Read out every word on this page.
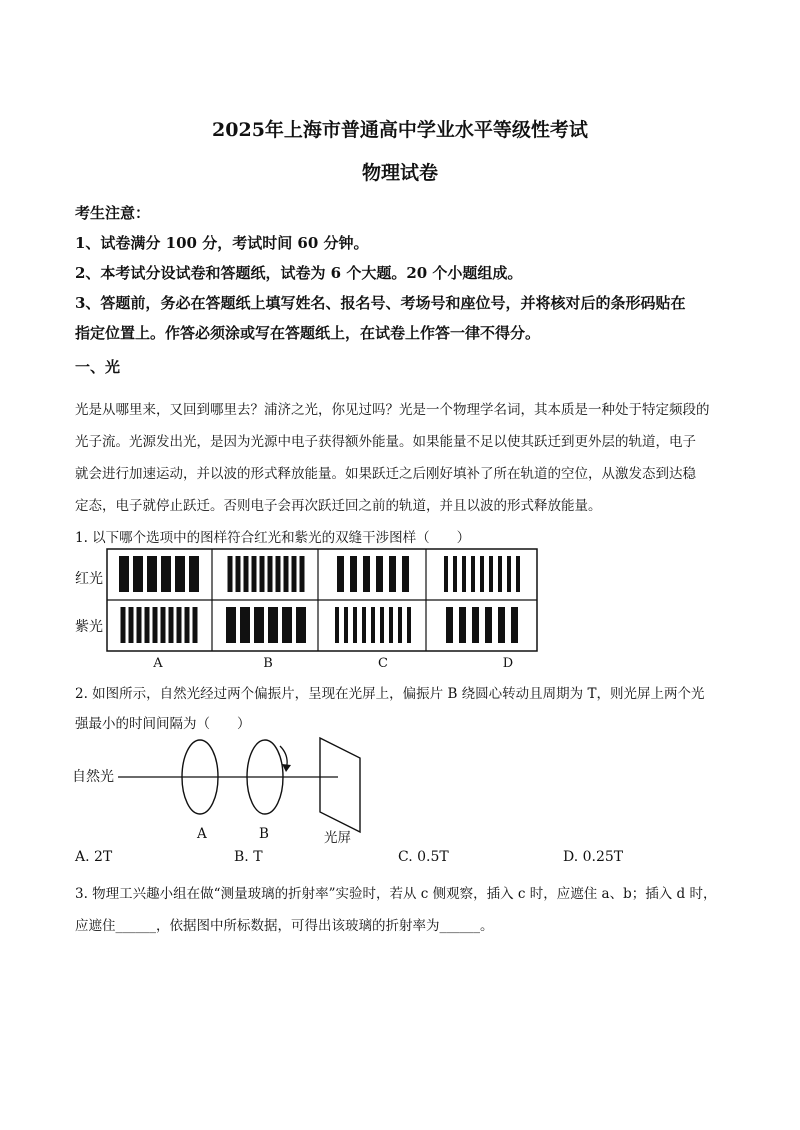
2025年上海市普通高中学业水平等级性考试
物理试卷
考生注意：
1、试卷满分 100 分，考试时间 60 分钟。
2、本考试分设试卷和答题纸，试卷为 6 个大题。20 个小题组成。
3、答题前，务必在答题纸上填写姓名、报名号、考场号和座位号，并将核对后的条形码贴在
指定位置上。作答必须涂或写在答题纸上，在试卷上作答一律不得分。
一、光
光是从哪里来，又回到哪里去？浦济之光，你见过吗？光是一个物理学名词，其本质是一种处于特定频段的
光子流。光源发出光，是因为光源中电子获得额外能量。如果能量不足以使其跃迁到更外层的轨道，电子
就会进行加速运动，并以波的形式释放能量。如果跃迁之后刚好填补了所在轨道的空位，从激发态到达稳
定态，电子就停止跃迁。否则电子会再次跃迁回之前的轨道，并且以波的形式释放能量。
1. 以下哪个选项中的图样符合红光和紫光的双缝干涉图样（　　）
红光
紫光
A	B	C	D
2. 如图所示，自然光经过两个偏振片，呈现在光屏上，偏振片 B 绕圆心转动且周期为 T，则光屏上两个光
强最小的时间间隔为（　　）
自然光
A	B	光屏
A. 2T	B. T	C. 0.5T	D. 0.25T
3. 物理工兴趣小组在做“测量玻璃的折射率”实验时，若从 c 侧观察，插入 c 时，应遮住 a、b；插入 d 时，
应遮住______，依据图中所标数据，可得出该玻璃的折射率为______。
